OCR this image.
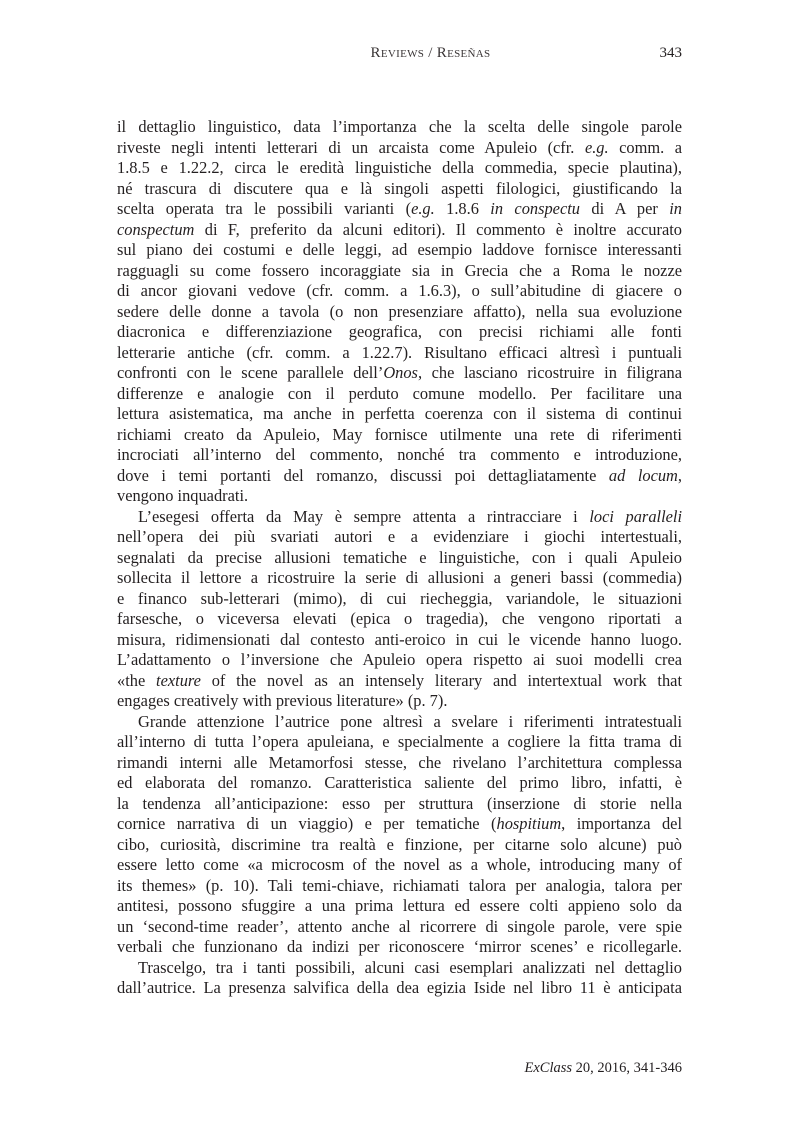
Reviews / Reseñas	343
il dettaglio linguistico, data l’importanza che la scelta delle singole parole
riveste negli intenti letterari di un arcaista come Apuleio (cfr. e.g. comm. a
1.8.5 e 1.22.2, circa le eredità linguistiche della commedia, specie plautina),
né trascura di discutere qua e là singoli aspetti filologici, giustificando la
scelta operata tra le possibili varianti (e.g. 1.8.6 in conspectu di A per in
conspectum di F, preferito da alcuni editori). Il commento è inoltre accurato
sul piano dei costumi e delle leggi, ad esempio laddove fornisce interessanti
ragguagli su come fossero incoraggiate sia in Grecia che a Roma le nozze
di ancor giovani vedove (cfr. comm. a 1.6.3), o sull’abitudine di giacere o
sedere delle donne a tavola (o non presenziare affatto), nella sua evoluzione
diacronica e differenziazione geografica, con precisi richiami alle fonti
letterarie antiche (cfr. comm. a 1.22.7). Risultano efficaci altresì i puntuali
confronti con le scene parallele dell’Onos, che lasciano ricostruire in filigrana
differenze e analogie con il perduto comune modello. Per facilitare una
lettura asistematica, ma anche in perfetta coerenza con il sistema di continui
richiami creato da Apuleio, May fornisce utilmente una rete di riferimenti
incrociati all’interno del commento, nonché tra commento e introduzione,
dove i temi portanti del romanzo, discussi poi dettagliatamente ad locum,
vengono inquadrati.
L’esegesi offerta da May è sempre attenta a rintracciare i loci paralleli
nell’opera dei più svariati autori e a evidenziare i giochi intertestuali,
segnalati da precise allusioni tematiche e linguistiche, con i quali Apuleio
sollecita il lettore a ricostruire la serie di allusioni a generi bassi (commedia)
e financo sub-letterari (mimo), di cui riecheggia, variandole, le situazioni
farsesche, o viceversa elevati (epica o tragedia), che vengono riportati a
misura, ridimensionati dal contesto anti-eroico in cui le vicende hanno luogo.
L’adattamento o l’inversione che Apuleio opera rispetto ai suoi modelli crea
«the texture of the novel as an intensely literary and intertextual work that
engages creatively with previous literature» (p. 7).
Grande attenzione l’autrice pone altresì a svelare i riferimenti intratestuali
all’interno di tutta l’opera apuleiana, e specialmente a cogliere la fitta trama di
rimandi interni alle Metamorfosi stesse, che rivelano l’architettura complessa
ed elaborata del romanzo. Caratteristica saliente del primo libro, infatti, è
la tendenza all’anticipazione: esso per struttura (inserzione di storie nella
cornice narrativa di un viaggio) e per tematiche (hospitium, importanza del
cibo, curiosità, discrimine tra realtà e finzione, per citarne solo alcune) può
essere letto come «a microcosm of the novel as a whole, introducing many of
its themes» (p. 10). Tali temi-chiave, richiamati talora per analogia, talora per
antitesi, possono sfuggire a una prima lettura ed essere colti appieno solo da
un ‘second-time reader’, attento anche al ricorrere di singole parole, vere spie
verbali che funzionano da indizi per riconoscere ‘mirror scenes’ e ricollegarle.
Trascelgo, tra i tanti possibili, alcuni casi esemplari analizzati nel dettaglio
dall’autrice. La presenza salvifica della dea egizia Iside nel libro 11 è anticipata
ExClass 20, 2016, 341-346
